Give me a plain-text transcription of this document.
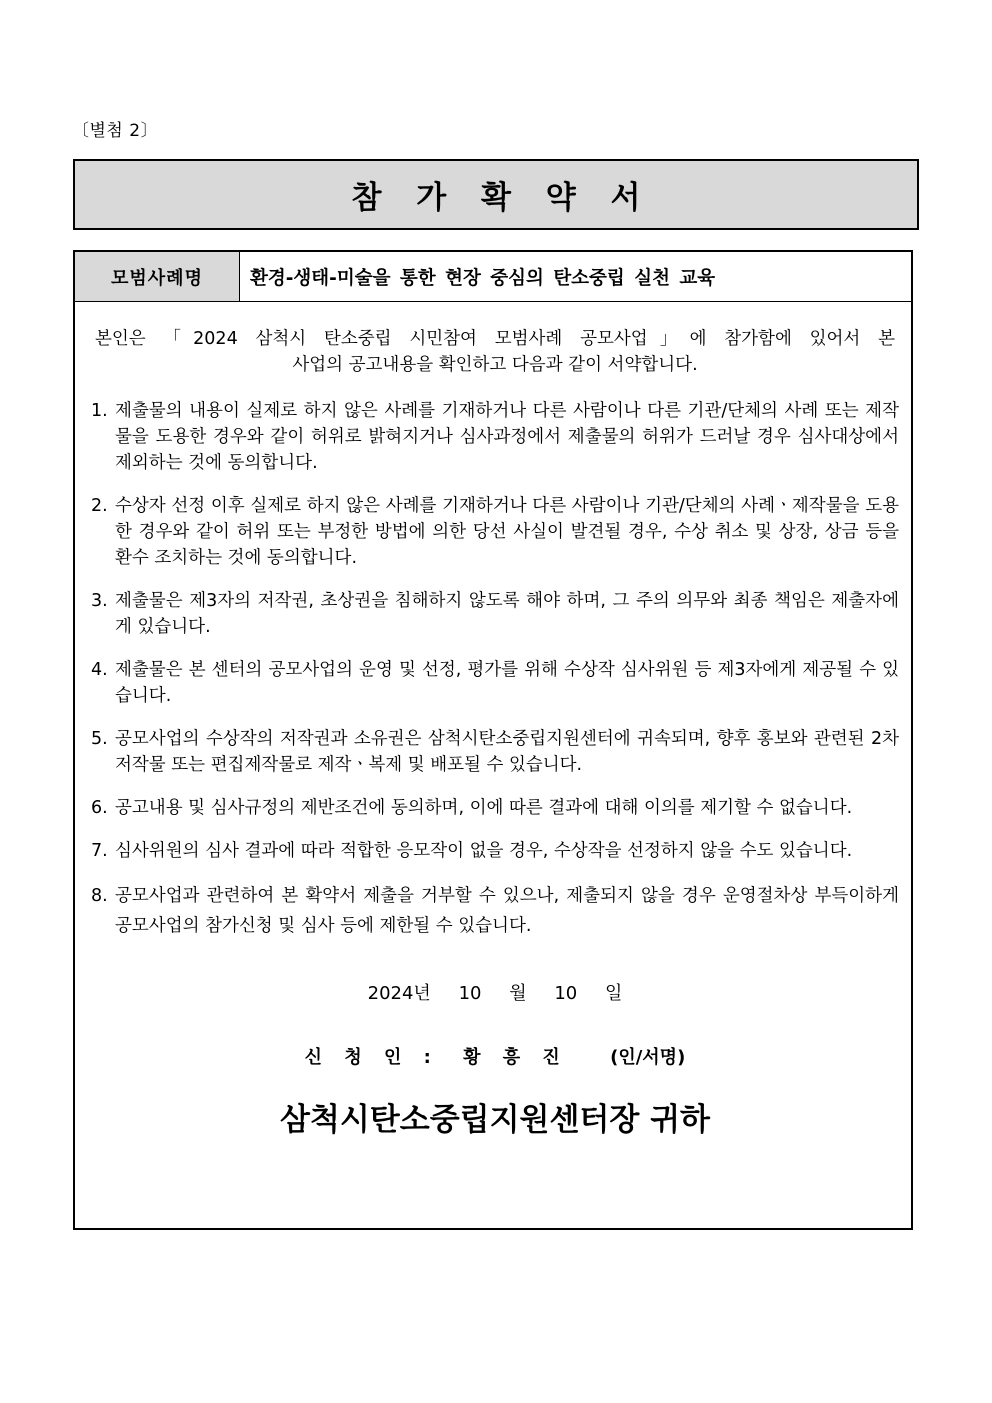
〔별첨 2〕
참 가 확 약 서
모범사례명	환경-생태-미술을 통한 현장 중심의 탄소중립 실천 교육
본인은 「2024 삼척시 탄소중립 시민참여 모범사례 공모사업」에 참가함에 있어서 본
사업의 공고내용을 확인하고 다음과 같이 서약합니다.
1. 제출물의 내용이 실제로 하지 않은 사례를 기재하거나 다른 사람이나 다른 기관/단체의 사례 또는 제작물을 도용한 경우와 같이 허위로 밝혀지거나 심사과정에서 제출물의 허위가 드러날 경우 심사대상에서 제외하는 것에 동의합니다.
2. 수상자 선정 이후 실제로 하지 않은 사례를 기재하거나 다른 사람이나 기관/단체의 사례ㆍ제작물을 도용한 경우와 같이 허위 또는 부정한 방법에 의한 당선 사실이 발견될 경우, 수상 취소 및 상장, 상금 등을 환수 조치하는 것에 동의합니다.
3. 제출물은 제3자의 저작권, 초상권을 침해하지 않도록 해야 하며, 그 주의 의무와 최종 책임은 제출자에게 있습니다.
4. 제출물은 본 센터의 공모사업의 운영 및 선정, 평가를 위해 수상작 심사위원 등 제3자에게 제공될 수 있습니다.
5. 공모사업의 수상작의 저작권과 소유권은 삼척시탄소중립지원센터에 귀속되며, 향후 홍보와 관련된 2차 저작물 또는 편집제작물로 제작ㆍ복제 및 배포될 수 있습니다.
6. 공고내용 및 심사규정의 제반조건에 동의하며, 이에 따른 결과에 대해 이의를 제기할 수 없습니다.
7. 심사위원의 심사 결과에 따라 적합한 응모작이 없을 경우, 수상작을 선정하지 않을 수도 있습니다.
8. 공모사업과 관련하여 본 확약서 제출을 거부할 수 있으나, 제출되지 않을 경우 운영절차상 부득이하게 공모사업의 참가신청 및 심사 등에 제한될 수 있습니다.
2024년 10 월 10 일
신 청 인 : 황 흥 진 (인/서명)
삼척시탄소중립지원센터장 귀하
